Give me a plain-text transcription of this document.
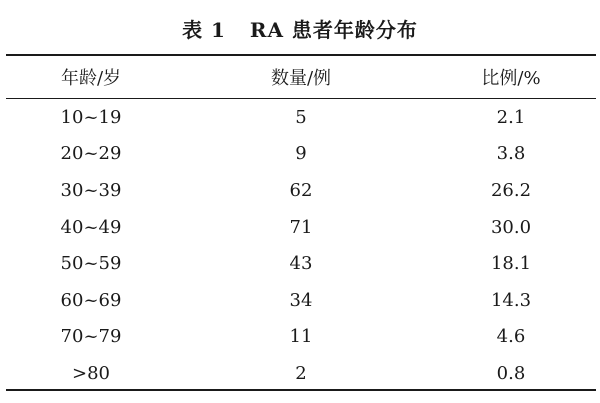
表 1   RA 患者年龄分布
年龄/岁	数量/例	比例/%
10~19	5	2.1
20~29	9	3.8
30~39	62	26.2
40~49	71	30.0
50~59	43	18.1
60~69	34	14.3
70~79	11	4.6
>80	2	0.8
